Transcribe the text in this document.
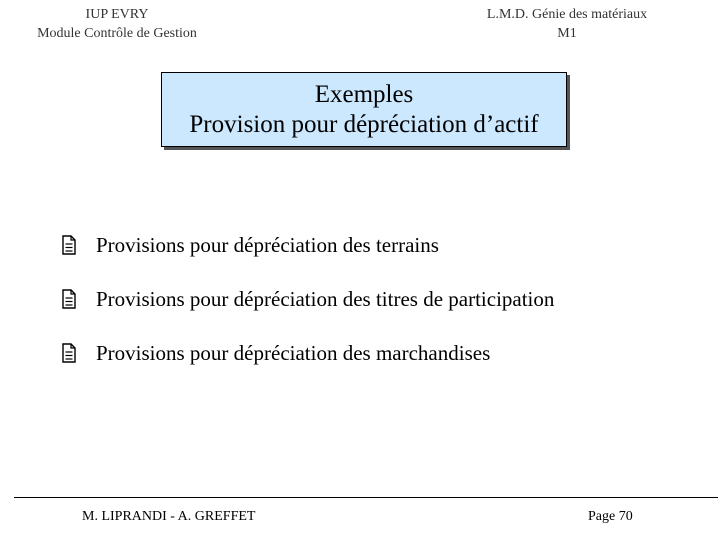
IUP EVRY
Module Contrôle de Gestion
L.M.D. Génie des matériaux
M1
Exemples
Provision pour dépréciation d’actif
Provisions pour dépréciation des terrains
Provisions pour dépréciation des titres de participation
Provisions pour dépréciation des marchandises
M. LIPRANDI - A. GREFFET	Page 70
